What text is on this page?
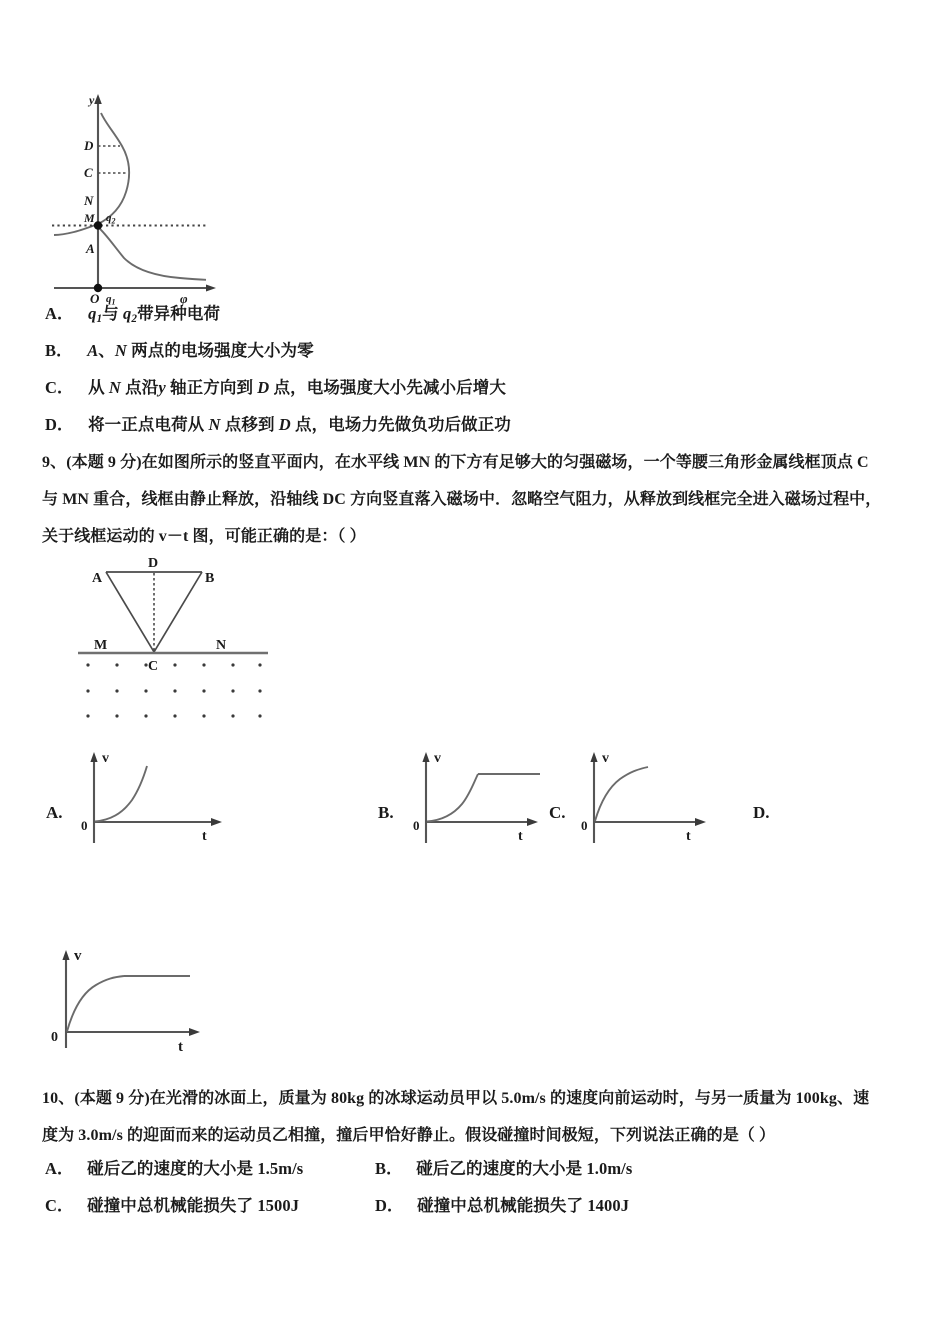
y
D
C
N
M $q_2$
A
O $q_1$	φ
A． $q_1$与 $q_2$带异种电荷
B． A、N 两点的电场强度大小为零
C．  从 N 点沿y 轴正方向到 D 点，电场强度大小先减小后增大
D．  将一正点电荷从 N 点移到 D 点，电场力先做负功后做正功
9、(本题 9 分)在如图所示的竖直平面内，在水平线 MN 的下方有足够大的匀强磁场，一个等腰三角形金属线框顶点 C
与 MN 重合，线框由静止释放，沿轴线 DC 方向竖直落入磁场中．忽略空气阻力，从释放到线框完全进入磁场过程中，
关于线框运动的 v－t 图，可能正确的是：（ ）
A
D
B
C
M	N
A.
v
0
t
B.
v
0
t
C.
v
0
t
D.
v
0
t
10、(本题 9 分)在光滑的冰面上，质量为 80kg 的冰球运动员甲以 5.0m/s 的速度向前运动时，与另一质量为 100kg、速
度为 3.0m/s 的迎面而来的运动员乙相撞，撞后甲恰好静止。假设碰撞时间极短，下列说法正确的是（ ）
A． 碰后乙的速度的大小是 1.5m/s	B． 碰后乙的速度的大小是 1.0m/s
C． 碰撞中总机械能损失了 1500J	D． 碰撞中总机械能损失了 1400J
